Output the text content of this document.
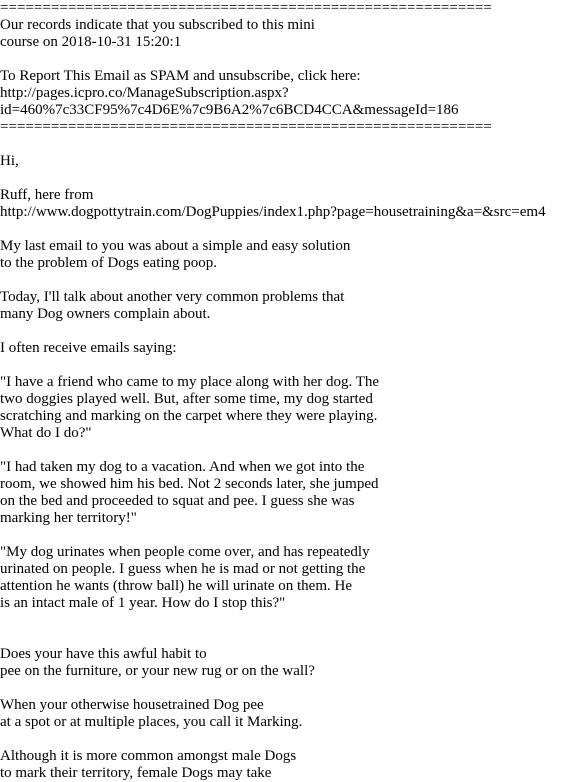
==========================================================
Our records indicate that you subscribed to this mini
course on 2018-10-31 15:20:1
To Report This Email as SPAM and unsubscribe, click here:
http://pages.icpro.co/ManageSubscription.aspx?
id=460%7c33CF95%7c4D6E%7c9B6A2%7c6BCD4CCA&messageId=186
==========================================================
Hi,
Ruff, here from
http://www.dogpottytrain.com/DogPuppies/index1.php?page=housetraining&a=&src=em4
My last email to you was about a simple and easy solution
to the problem of Dogs eating poop.
Today, I'll talk about another very common problems that
many Dog owners complain about.
I often receive emails saying:
"I have a friend who came to my place along with her dog. The
two doggies played well. But, after some time, my dog started
scratching and marking on the carpet where they were playing.
What do I do?"
"I had taken my dog to a vacation. And when we got into the
room, we showed him his bed. Not 2 seconds later, she jumped
on the bed and proceeded to squat and pee. I guess she was
marking her territory!"
"My dog urinates when people come over, and has repeatedly
urinated on people. I guess when he is mad or not getting the
attention he wants (throw ball) he will urinate on them. He
is an intact male of 1 year. How do I stop this?"
Does your have this awful habit to
pee on the furniture, or your new rug or on the wall?
When your otherwise housetrained Dog pee
at a spot or at multiple places, you call it Marking.
Although it is more common amongst male Dogs
to mark their territory, female Dogs may take
